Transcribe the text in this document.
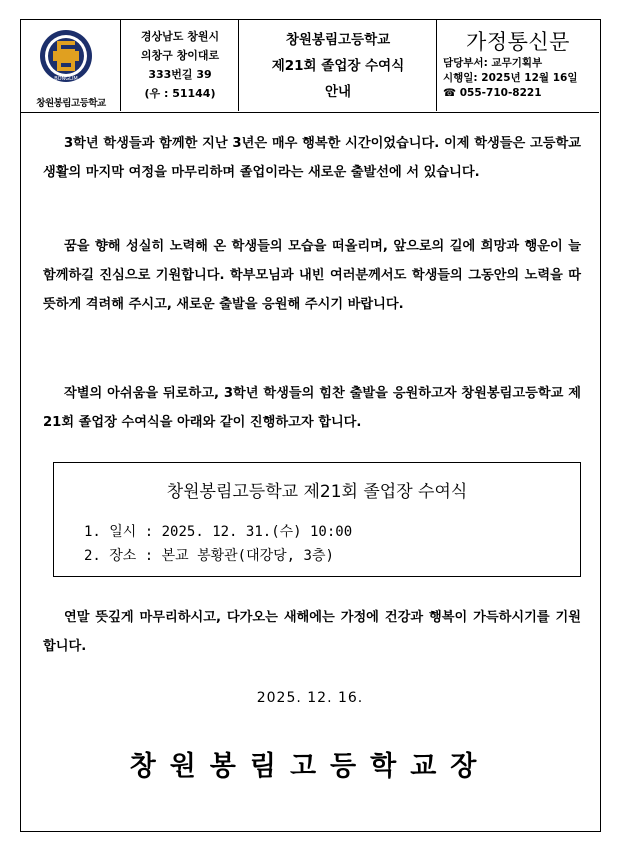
BONGLIM
창원봉림고등학교
경상남도 창원시
의창구 창이대로
333번길 39
(우 : 51144)
창원봉림고등학교
제21회 졸업장 수여식
안내
가정통신문
담당부서: 교무기획부
시행일: 2025년 12월 16일
☎ 055-710-8221
3학년 학생들과 함께한 지난 3년은 매우 행복한 시간이었습니다. 이제 학생들은 고등학교 생활의 마지막 여정을 마무리하며 졸업이라는 새로운 출발선에 서 있습니다.
꿈을 향해 성실히 노력해 온 학생들의 모습을 떠올리며, 앞으로의 길에 희망과 행운이 늘 함께하길 진심으로 기원합니다. 학부모님과 내빈 여러분께서도 학생들의 그동안의 노력을 따뜻하게 격려해 주시고, 새로운 출발을 응원해 주시기 바랍니다.
작별의 아쉬움을 뒤로하고, 3학년 학생들의 힘찬 출발을 응원하고자 창원봉림고등학교 제 21회 졸업장 수여식을 아래와 같이 진행하고자 합니다.
창원봉림고등학교 제21회 졸업장 수여식
1. 일시 : 2025. 12. 31.(수) 10:00
2. 장소 : 본교 봉황관(대강당, 3층)
연말 뜻깊게 마무리하시고, 다가오는 새해에는 가정에 건강과 행복이 가득하시기를 기원합니다.
2025. 12. 16.
창원봉림고등학교장
